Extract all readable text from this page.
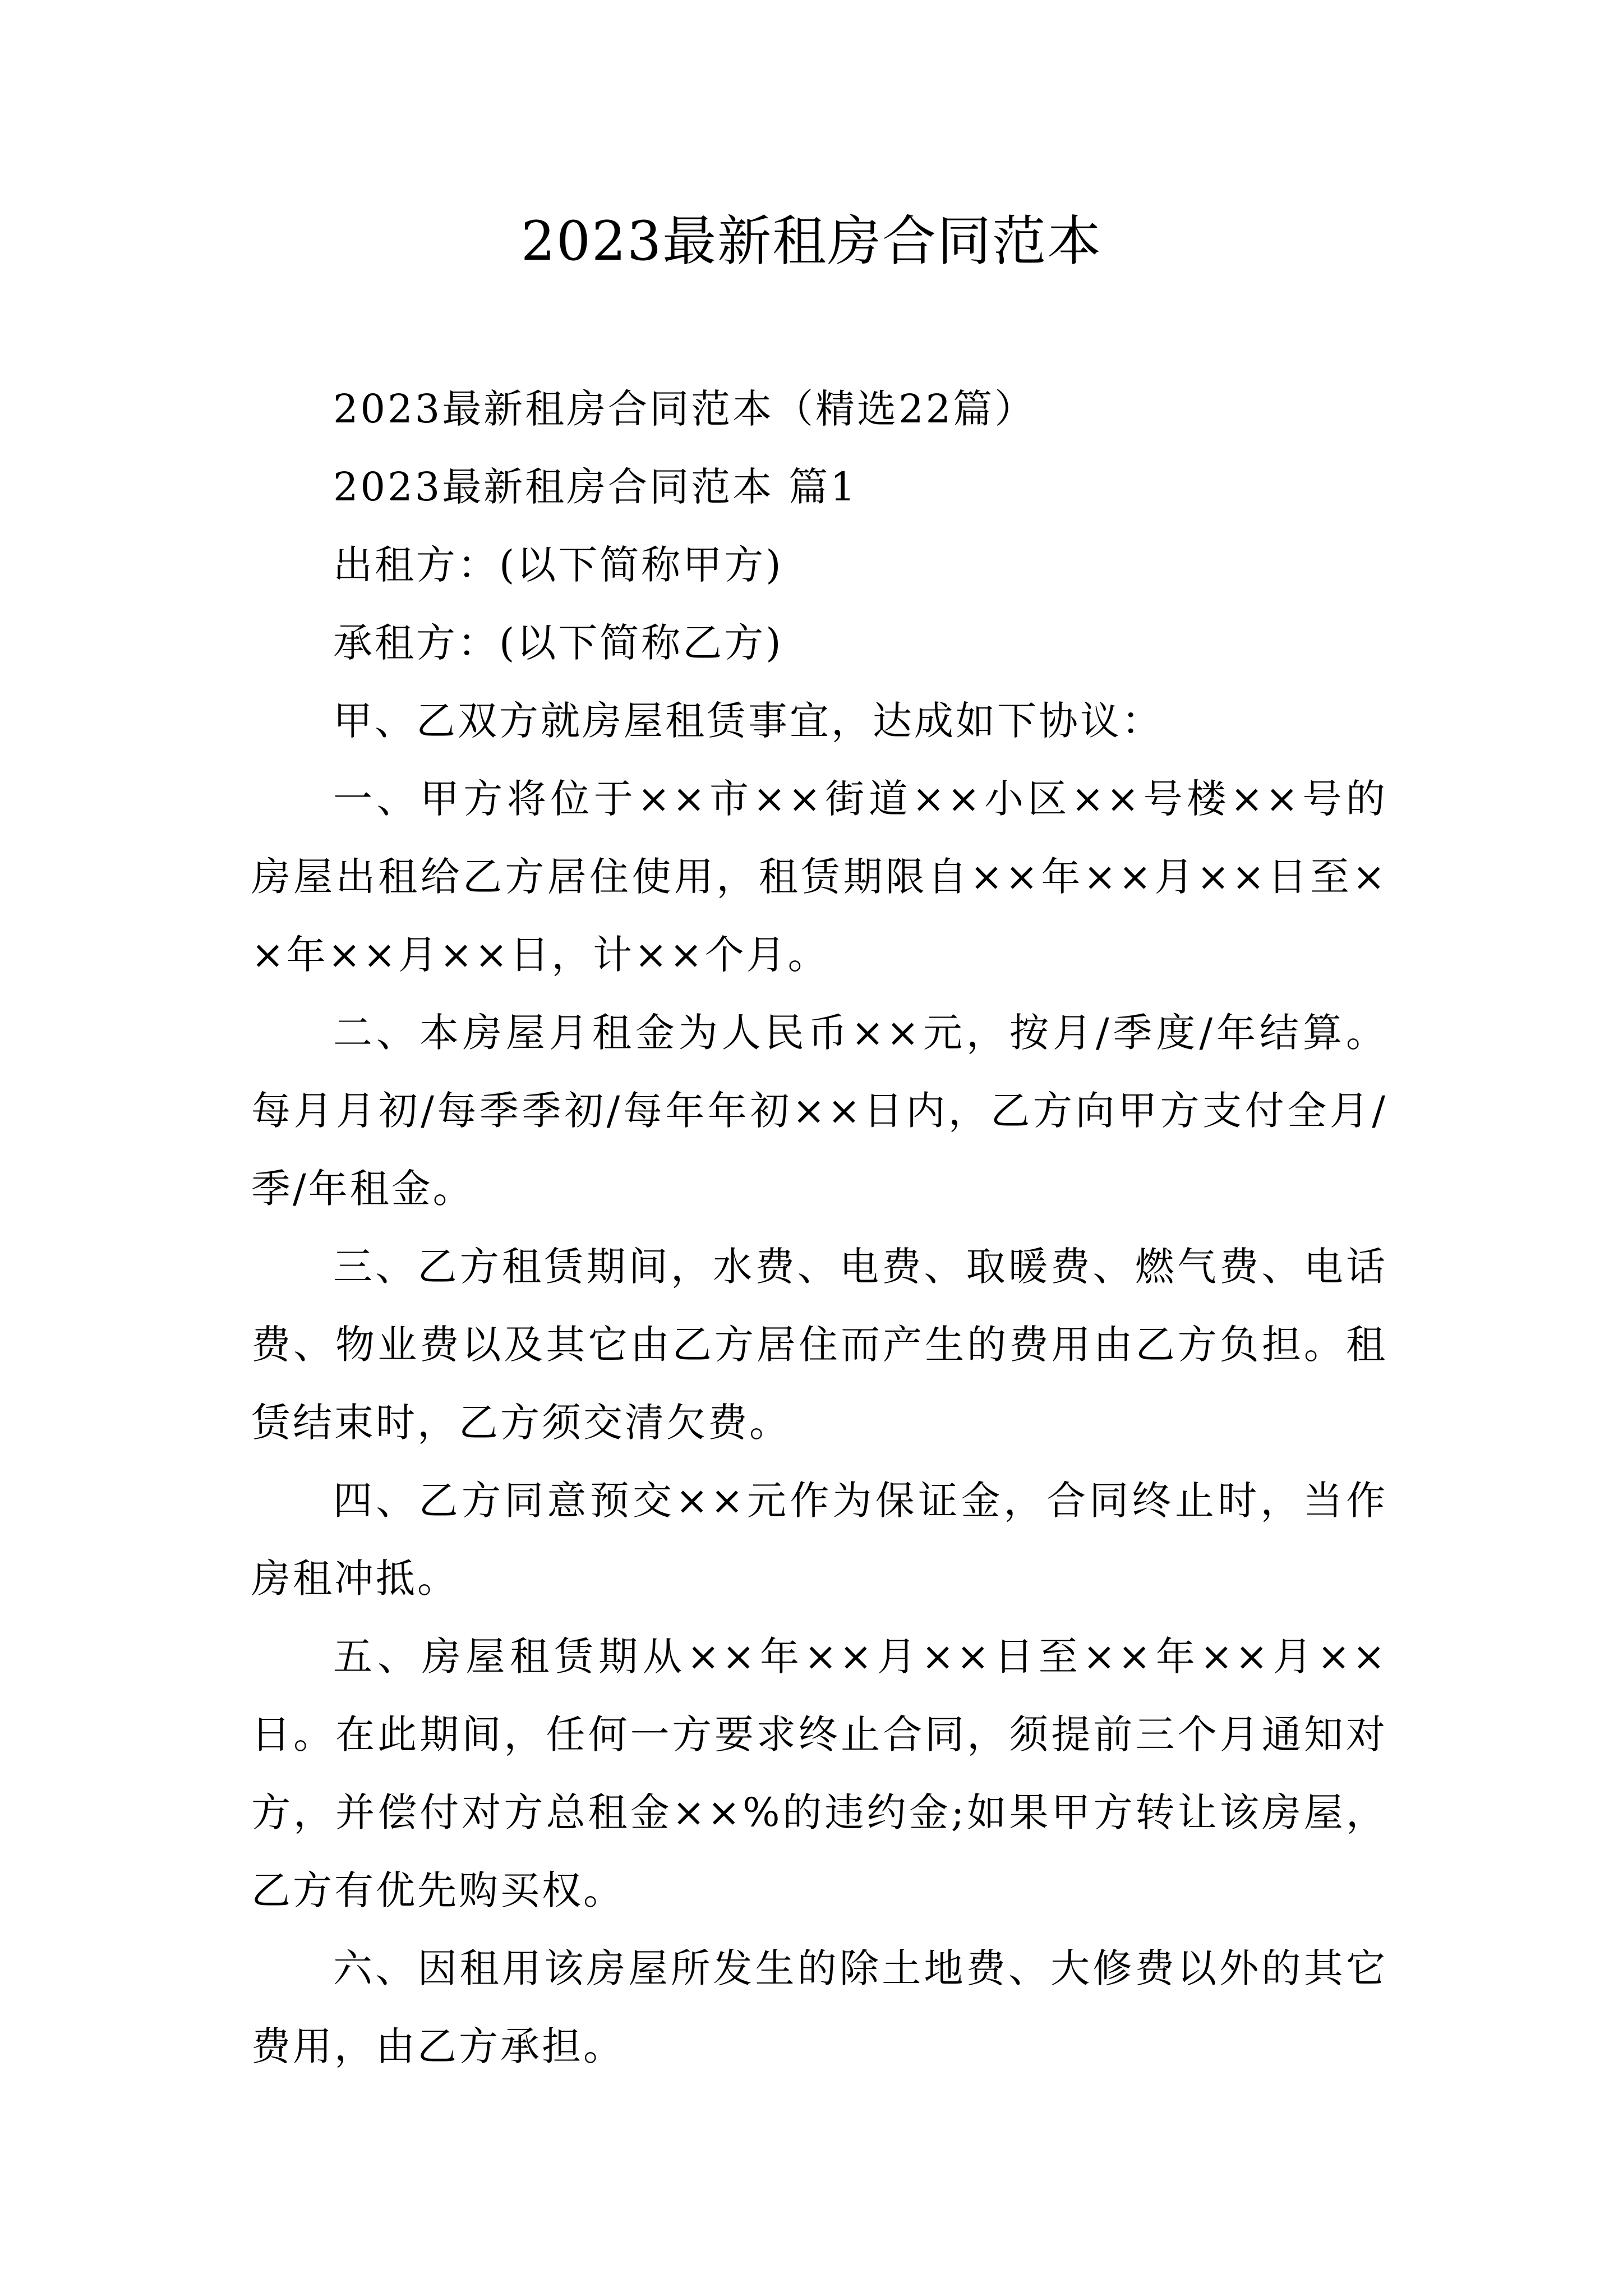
2023最新租房合同范本

2023最新租房合同范本（精选22篇）

2023最新租房合同范本 篇1

出租方：(以下简称甲方)

承租方：(以下简称乙方)

甲、乙双方就房屋租赁事宜，达成如下协议：

一、甲方将位于××市××街道××小区××号楼××号的房屋出租给乙方居住使用，租赁期限自××年××月××日至××年××月××日，计××个月。

二、本房屋月租金为人民币××元，按月/季度/年结算。每月月初/每季季初/每年年初××日内，乙方向甲方支付全月/季/年租金。

三、乙方租赁期间，水费、电费、取暖费、燃气费、电话费、物业费以及其它由乙方居住而产生的费用由乙方负担。租赁结束时，乙方须交清欠费。

四、乙方同意预交××元作为保证金，合同终止时，当作房租冲抵。

五、房屋租赁期从××年××月××日至××年××月××日。在此期间，任何一方要求终止合同，须提前三个月通知对方，并偿付对方总租金××%的违约金;如果甲方转让该房屋，乙方有优先购买权。

六、因租用该房屋所发生的除土地费、大修费以外的其它费用，由乙方承担。
